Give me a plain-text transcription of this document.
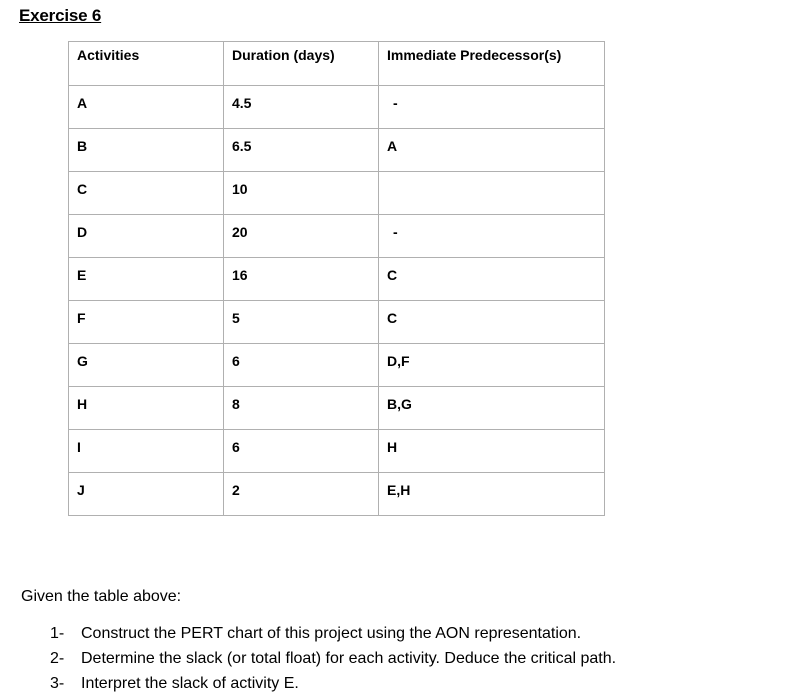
Exercise 6
Activities	Duration (days)	Immediate Predecessor(s)
A	4.5	-
B	6.5	A
C	10	
D	20	-
E	16	C
F	5	C
G	6	D,F
H	8	B,G
I	6	H
J	2	E,H
Given the table above:
1-	Construct the PERT chart of this project using the AON representation.
2-	Determine the slack (or total float) for each activity. Deduce the critical path.
3-	Interpret the slack of activity E.
